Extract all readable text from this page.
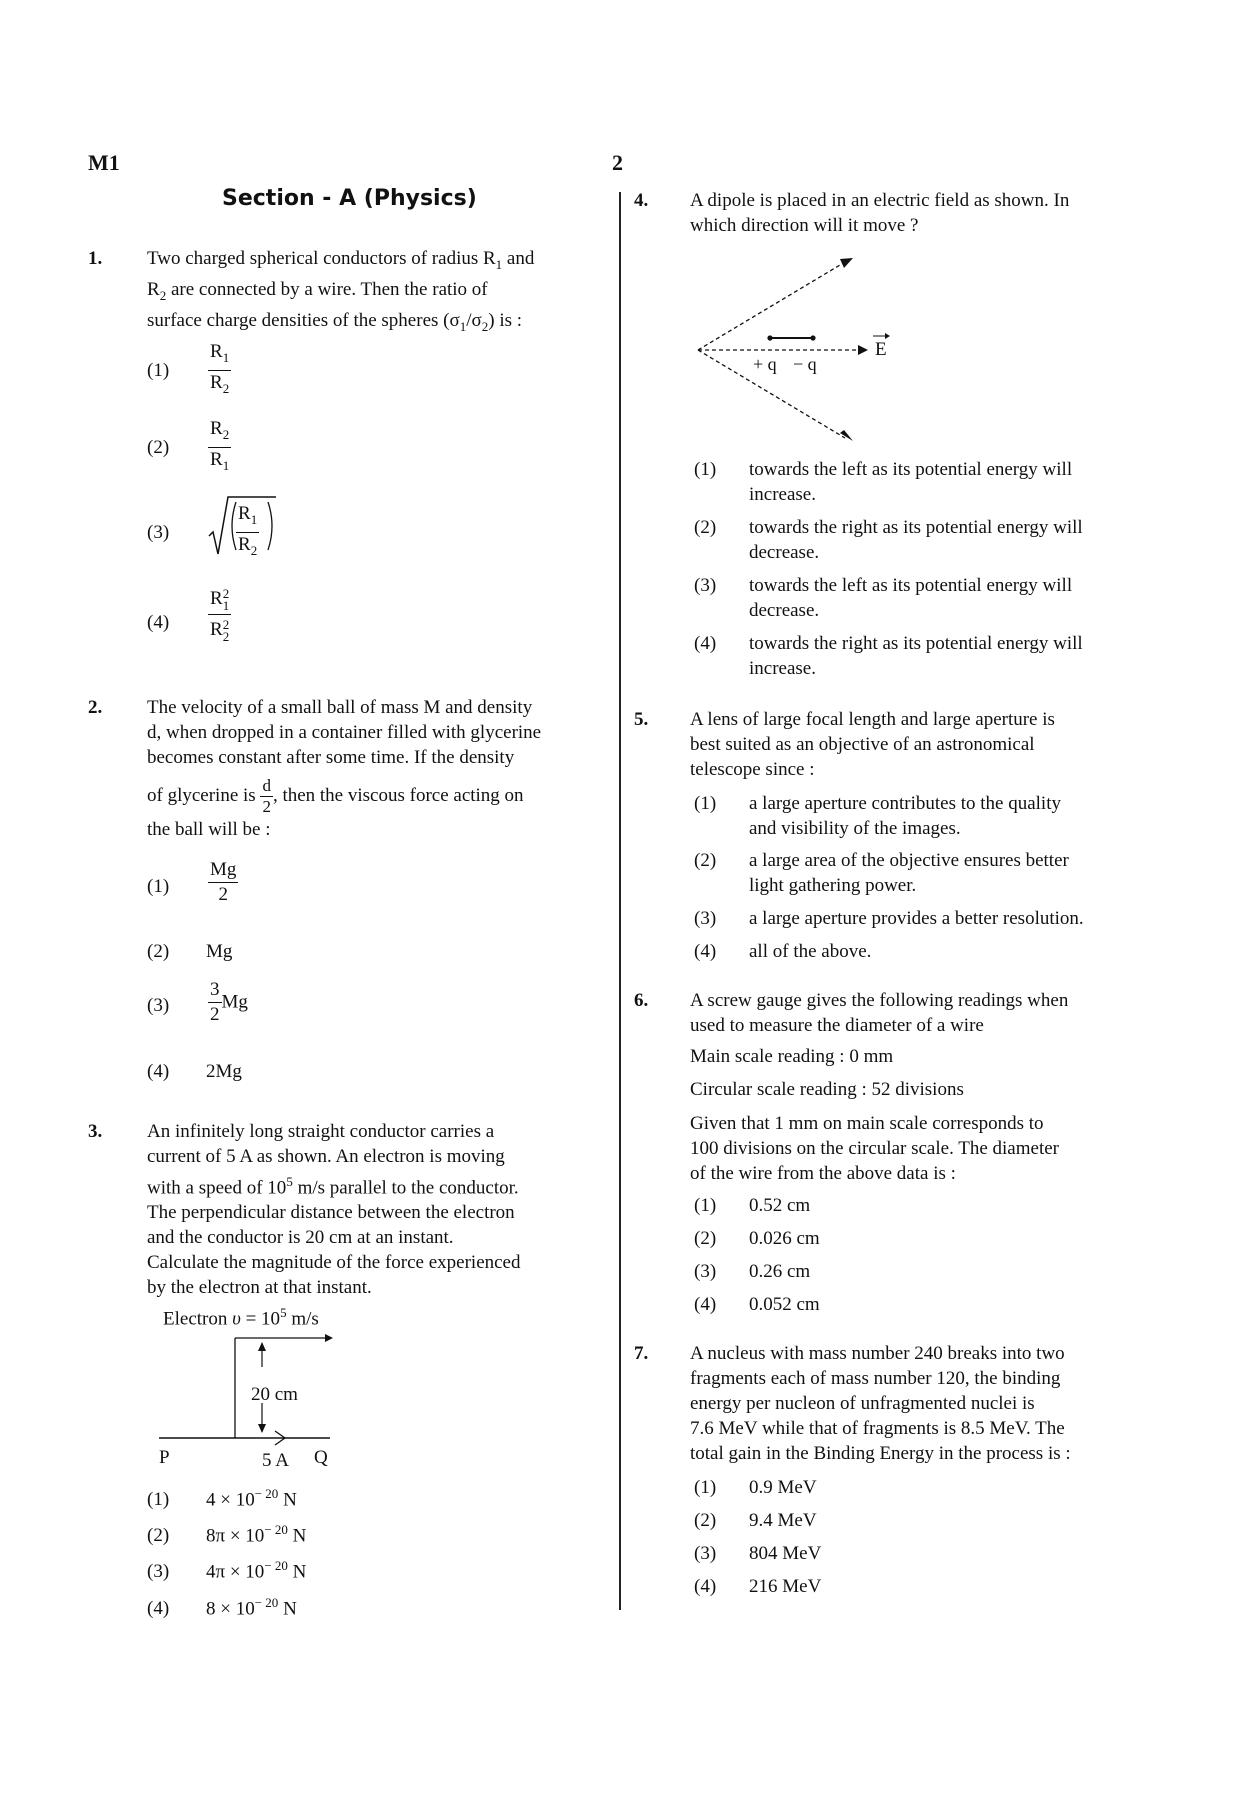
M1	2
Section - A (Physics)
1. Two charged spherical conductors of radius $R_1$ and
$R_2$ are connected by a wire. Then the ratio of
surface charge densities of the spheres $(\sigma_1/\sigma_2)$ is :
$(1) \frac{R_1}{R_2}$
$(2) \frac{R_2}{R_1}$
(3)	$\frac{R_1}{R_2}$
(4) R 2
1
R 2
2
2. The velocity of a small ball of mass M and density
d, when dropped in a container filled with glycerine
becomes constant after some time. If the density
of glycerine is $\frac{d}{2}$ , then the viscous force acting on
the ball will be :
$(1) \frac{Mg}{2}$
(2) Mg
$(3) \frac{3}{2}$ Mg
(4) 2Mg
3. An infinitely long straight conductor carries a
current of 5 A as shown. An electron is moving
with a speed of $10^5$ m/s parallel to the conductor.
The perpendicular distance between the electron
and the conductor is 20 cm at an instant.
Calculate the magnitude of the force experienced
by the electron at that instant.
Electron $\upsilon = 10^5$ m/s
20 cm
P	5 A Q
(1) $4 \times 10^{- 20}$ N
(2) $8\pi \times 10^{- 20}$ N
(3) $4\pi \times 10^{- 20}$ N
(4) $8 \times 10^{- 20}$ N
4. A dipole is placed in an electric field as shown. In
which direction will it move ?
+ q − q
E
(1) towards the left as its potential energy will
increase.
(2) towards the right as its potential energy will
decrease.
(3) towards the left as its potential energy will
decrease.
(4) towards the right as its potential energy will
increase.
5. A lens of large focal length and large aperture is
best suited as an objective of an astronomical
telescope since :
(1) a large aperture contributes to the quality
and visibility of the images.
(2) a large area of the objective ensures better
light gathering power.
(3) a large aperture provides a better resolution.
(4) all of the above.
6. A screw gauge gives the following readings when
used to measure the diameter of a wire
Main scale reading : 0 mm
Circular scale reading : 52 divisions
Given that 1 mm on main scale corresponds to
100 divisions on the circular scale. The diameter
of the wire from the above data is :
(1) 0.52 cm
(2) 0.026 cm
(3) 0.26 cm
(4) 0.052 cm
7. A nucleus with mass number 240 breaks into two
fragments each of mass number 120, the binding
energy per nucleon of unfragmented nuclei is
7.6 MeV while that of fragments is 8.5 MeV. The
total gain in the Binding Energy in the process is :
(1) 0.9 MeV
(2) 9.4 MeV
(3) 804 MeV
(4) 216 MeV
